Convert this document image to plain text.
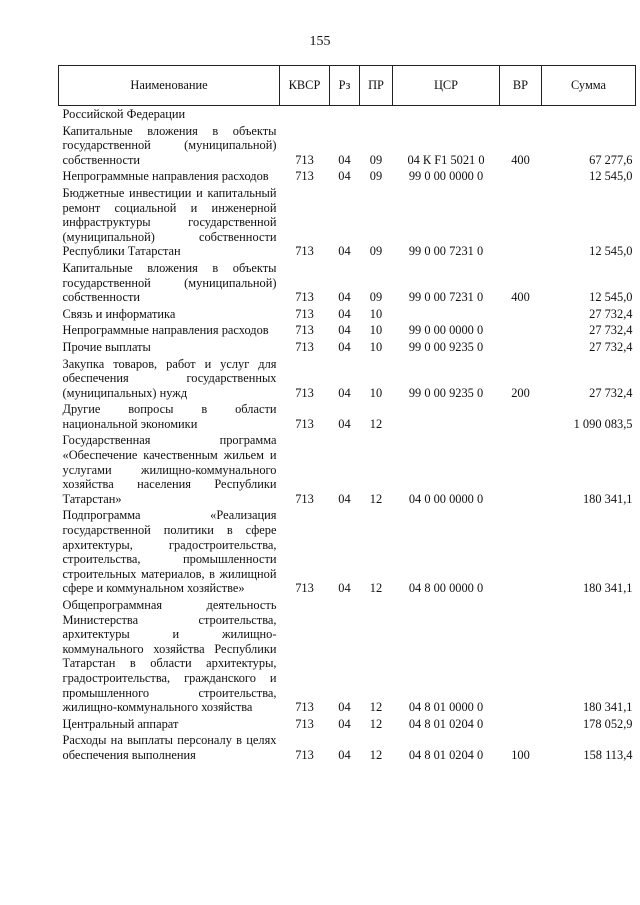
155
Наименование	КВСР	Рз	ПР	ЦСР	ВР	Сумма
Российской Федерации						
Капитальные вложения в объекты государственной (муниципальной) собственности	713	04	09	04 К F1 5021 0	400	67 277,6
Непрограммные направления расходов	713	04	09	99 0 00 0000 0		12 545,0
Бюджетные инвестиции и капитальный ремонт социальной и инженерной инфраструктуры государственной (муниципальной) собственности Республики Татарстан	713	04	09	99 0 00 7231 0		12 545,0
Капитальные вложения в объекты государственной (муниципальной) собственности	713	04	09	99 0 00 7231 0	400	12 545,0
Связь и информатика	713	04	10			27 732,4
Непрограммные направления расходов	713	04	10	99 0 00 0000 0		27 732,4
Прочие выплаты	713	04	10	99 0 00 9235 0		27 732,4
Закупка товаров, работ и услуг для обеспечения государственных (муниципальных) нужд	713	04	10	99 0 00 9235 0	200	27 732,4
Другие вопросы в области национальной экономики	713	04	12			1 090 083,5
Государственная программа «Обеспечение качественным жильем и услугами жилищно-коммунального хозяйства населения Республики Татарстан»	713	04	12	04 0 00 0000 0		180 341,1
Подпрограмма «Реализация государственной политики в сфере архитектуры, градостроительства, строительства, промышленности строительных материалов, в жилищной сфере и коммунальном хозяйстве»	713	04	12	04 8 00 0000 0		180 341,1
Общепрограммная деятельность Министерства строительства, архитектуры и жилищно-коммунального хозяйства Республики Татарстан в области архитектуры, градостроительства, гражданского и промышленного строительства, жилищно-коммунального хозяйства	713	04	12	04 8 01 0000 0		180 341,1
Центральный аппарат	713	04	12	04 8 01 0204 0		178 052,9
Расходы на выплаты персоналу в целях обеспечения выполнения	713	04	12	04 8 01 0204 0	100	158 113,4
